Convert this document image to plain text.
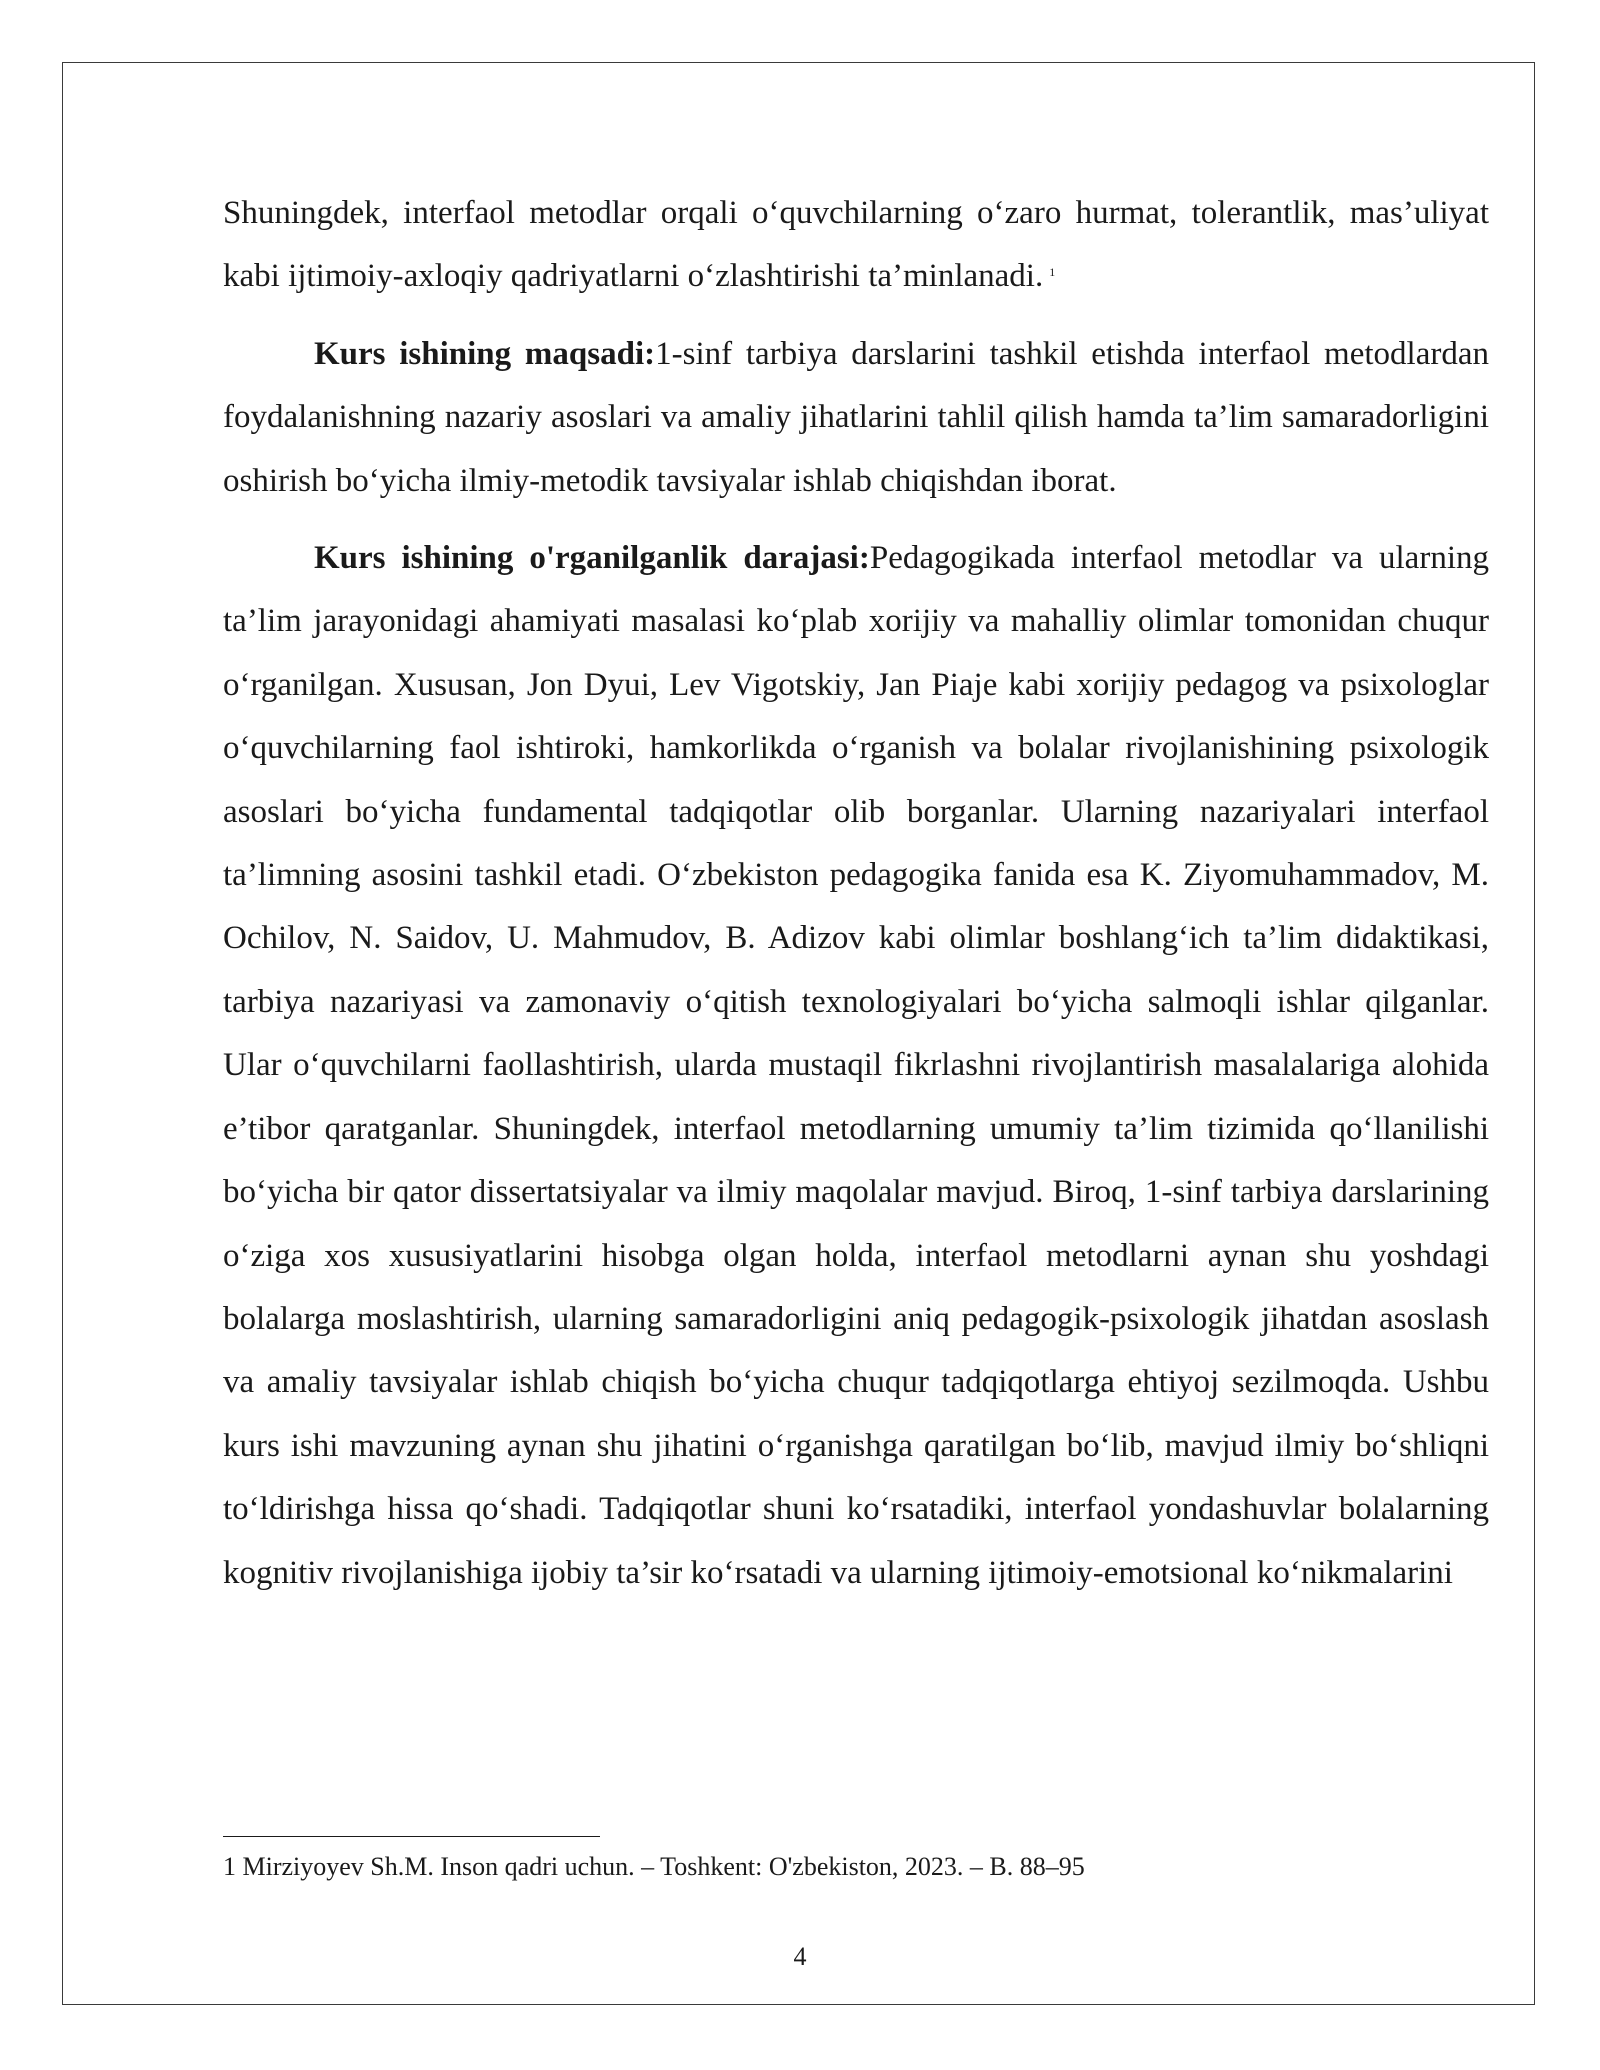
Shuningdek, interfaol metodlar orqali o‘quvchilarning o‘zaro hurmat, tolerantlik, mas’uliyat kabi ijtimoiy-axloqiy qadriyatlarni o‘zlashtirishi ta’minlanadi. $^1$

Kurs ishining maqsadi:1-sinf tarbiya darslarini tashkil etishda interfaol metodlardan foydalanishning nazariy asoslari va amaliy jihatlarini tahlil qilish hamda ta’lim samaradorligini oshirish bo‘yicha ilmiy-metodik tavsiyalar ishlab chiqishdan iborat.

Kurs ishining o'rganilganlik darajasi:Pedagogikada interfaol metodlar va ularning ta’lim jarayonidagi ahamiyati masalasi ko‘plab xorijiy va mahalliy olimlar tomonidan chuqur o‘rganilgan. Xususan, Jon Dyui, Lev Vigotskiy, Jan Piaje kabi xorijiy pedagog va psixologlar o‘quvchilarning faol ishtiroki, hamkorlikda o‘rganish va bolalar rivojlanishining psixologik asoslari bo‘yicha fundamental tadqiqotlar olib borganlar. Ularning nazariyalari interfaol ta’limning asosini tashkil etadi. O‘zbekiston pedagogika fanida esa K. Ziyomuhammadov, M. Ochilov, N. Saidov, U. Mahmudov, B. Adizov kabi olimlar boshlang‘ich ta’lim didaktikasi, tarbiya nazariyasi va zamonaviy o‘qitish texnologiyalari bo‘yicha salmoqli ishlar qilganlar. Ular o‘quvchilarni faollashtirish, ularda mustaqil fikrlashni rivojlantirish masalalariga alohida e’tibor qaratganlar. Shuningdek, interfaol metodlarning umumiy ta’lim tizimida qo‘llanilishi bo‘yicha bir qator dissertatsiyalar va ilmiy maqolalar mavjud. Biroq, 1-sinf tarbiya darslarining o‘ziga xos xususiyatlarini hisobga olgan holda, interfaol metodlarni aynan shu yoshdagi bolalarga moslashtirish, ularning samaradorligini aniq pedagogik-psixologik jihatdan asoslash va amaliy tavsiyalar ishlab chiqish bo‘yicha chuqur tadqiqotlarga ehtiyoj sezilmoqda. Ushbu kurs ishi mavzuning aynan shu jihatini o‘rganishga qaratilgan bo‘lib, mavjud ilmiy bo‘shliqni to‘ldirishga hissa qo‘shadi. Tadqiqotlar shuni ko‘rsatadiki, interfaol yondashuvlar bolalarning kognitiv rivojlanishiga ijobiy ta’sir ko‘rsatadi va ularning ijtimoiy-emotsional ko‘nikmalarini

1 Mirziyoyev Sh.M. Inson qadri uchun. – Toshkent: O'zbekiston, 2023. – B. 88–95
4
